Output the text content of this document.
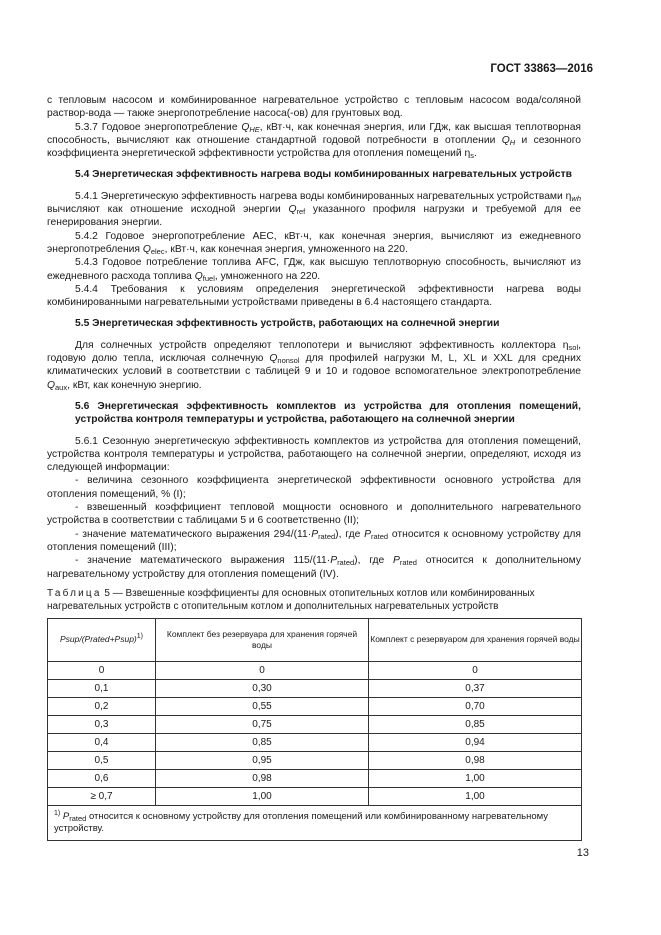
ГОСТ 33863—2016

с тепловым насосом и комбинированное нагревательное устройство с тепловым насосом вода/соляной раствор-вода — также энергопотребление насоса(-ов) для грунтовых вод.

5.3.7 Годовое энергопотребление $Q_{HE}$, кВт·ч, как конечная энергия, или ГДж, как высшая теплотворная способность, вычисляют как отношение стандартной годовой потребности в отоплении $Q_H$ и сезонного коэффициента энергетической эффективности устройства для отопления помещений $\eta_s$.

5.4 Энергетическая эффективность нагрева воды комбинированных нагревательных устройств

5.4.1 Энергетическую эффективность нагрева воды комбинированных нагревательных устройствами $\eta_{wh}$ вычисляют как отношение исходной энергии $Q_{ref}$ указанного профиля нагрузки и требуемой для ее генерирования энергии.

5.4.2 Годовое энергопотребление AEC, кВт·ч, как конечная энергия, вычисляют из ежедневного энергопотребления $Q_{elec}$, кВт·ч, как конечная энергия, умноженного на 220.

5.4.3 Годовое потребление топлива AFC, ГДж, как высшую теплотворную способность, вычисляют из ежедневного расхода топлива $Q_{fuel}$, умноженного на 220.

5.4.4 Требования к условиям определения энергетической эффективности нагрева воды комбинированными нагревательными устройствами приведены в 6.4 настоящего стандарта.

5.5 Энергетическая эффективность устройств, работающих на солнечной энергии

Для солнечных устройств определяют теплопотери и вычисляют эффективность коллектора $\eta_{sol}$, годовую долю тепла, исключая солнечную $Q_{nonsol}$ для профилей нагрузки M, L, XL и XXL для средних климатических условий в соответствии с таблицей 9 и 10 и годовое вспомогательное электропотребление $Q_{aux}$, кВт, как конечную энергию.

5.6 Энергетическая эффективность комплектов из устройства для отопления помещений, устройства контроля температуры и устройства, работающего на солнечной энергии

5.6.1 Сезонную энергетическую эффективность комплектов из устройства для отопления помещений, устройства контроля температуры и устройства, работающего на солнечной энергии, определяют, исходя из следующей информации:

- величина сезонного коэффициента энергетической эффективности основного устройства для отопления помещений, % (I);

- взвешенный коэффициент тепловой мощности основного и дополнительного нагревательного устройства в соответствии с таблицами 5 и 6 соответственно (II);

- значение математического выражения $294/(11\cdot P_{rated})$, где $P_{rated}$ относится к основному устройству для отопления помещений (III);

- значение математического выражения $115/(11\cdot P_{rated})$, где $P_{rated}$ относится к дополнительному нагревательному устройству для отопления помещений (IV).

Таблица 5 — Взвешенные коэффициенты для основных отопительных котлов или комбинированных нагревательных устройств с отопительным котлом и дополнительных нагревательных устройств

Psup/(Prated+Psup)$^{1)}$	Комплект без резервуара для хранения горячей воды	Комплект с резервуаром для хранения горячей воды
0	0	0
0,1	0,30	0,37
0,2	0,55	0,70
0,3	0,75	0,85
0,4	0,85	0,94
0,5	0,95	0,98
0,6	0,98	1,00
≥ 0,7	1,00	1,00
$^{1)}$ $P_{rated}$ относится к основному устройству для отопления помещений или комбинированному нагревательному устройству.		
13
